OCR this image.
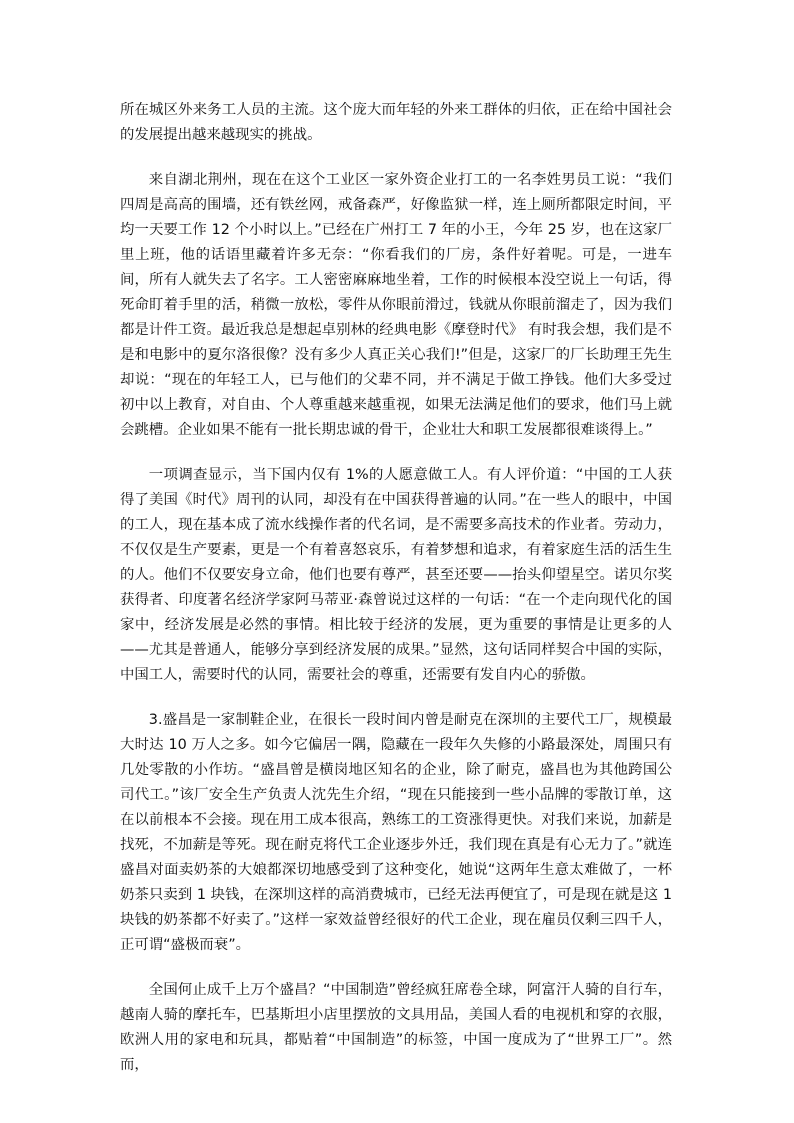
所在城区外来务工人员的主流。这个庞大而年轻的外来工群体的归依，正在给中国社会的发展提出越来越现实的挑战。

来自湖北荆州，现在在这个工业区一家外资企业打工的一名李姓男员工说：“我们四周是高高的围墙，还有铁丝网，戒备森严，好像监狱一样，连上厕所都限定时间，平均一天要工作 12 个小时以上。”已经在广州打工 7 年的小王，今年 25 岁，也在这家厂里上班，他的话语里藏着许多无奈：“你看我们的厂房，条件好着呢。可是，一进车间，所有人就失去了名字。工人密密麻麻地坐着，工作的时候根本没空说上一句话，得死命盯着手里的活，稍微一放松，零件从你眼前滑过，钱就从你眼前溜走了，因为我们都是计件工资。最近我总是想起卓别林的经典电影《摩登时代》 有时我会想，我们是不是和电影中的夏尔洛很像？没有多少人真正关心我们!”但是，这家厂的厂长助理王先生却说：“现在的年轻工人，已与他们的父辈不同，并不满足于做工挣钱。他们大多受过初中以上教育，对自由、个人尊重越来越重视，如果无法满足他们的要求，他们马上就会跳槽。企业如果不能有一批长期忠诚的骨干，企业壮大和职工发展都很难谈得上。”

一项调查显示，当下国内仅有 1%的人愿意做工人。有人评价道：“中国的工人获得了美国《时代》周刊的认同，却没有在中国获得普遍的认同。”在一些人的眼中，中国的工人，现在基本成了流水线操作者的代名词，是不需要多高技术的作业者。劳动力，不仅仅是生产要素，更是一个有着喜怒哀乐，有着梦想和追求，有着家庭生活的活生生的人。他们不仅要安身立命，他们也要有尊严，甚至还要——抬头仰望星空。诺贝尔奖获得者、印度著名经济学家阿马蒂亚·森曾说过这样的一句话：“在一个走向现代化的国家中，经济发展是必然的事情。相比较于经济的发展，更为重要的事情是让更多的人——尤其是普通人，能够分享到经济发展的成果。”显然，这句话同样契合中国的实际，中国工人，需要时代的认同，需要社会的尊重，还需要有发自内心的骄傲。

3.盛昌是一家制鞋企业，在很长一段时间内曾是耐克在深圳的主要代工厂，规模最大时达 10 万人之多。如今它偏居一隅，隐藏在一段年久失修的小路最深处，周围只有几处零散的小作坊。“盛昌曾是横岗地区知名的企业，除了耐克，盛昌也为其他跨国公司代工。”该厂安全生产负责人沈先生介绍，“现在只能接到一些小品牌的零散订单，这在以前根本不会接。现在用工成本很高，熟练工的工资涨得更快。对我们来说，加薪是找死，不加薪是等死。现在耐克将代工企业逐步外迁，我们现在真是有心无力了。”就连盛昌对面卖奶茶的大娘都深切地感受到了这种变化，她说“这两年生意太难做了，一杯奶茶只卖到 1 块钱，在深圳这样的高消费城市，已经无法再便宜了，可是现在就是这 1 块钱的奶茶都不好卖了。”这样一家效益曾经很好的代工企业，现在雇员仅剩三四千人，正可谓“盛极而衰”。

全国何止成千上万个盛昌？“中国制造”曾经疯狂席卷全球，阿富汗人骑的自行车，越南人骑的摩托车，巴基斯坦小店里摆放的文具用品，美国人看的电视机和穿的衣服，欧洲人用的家电和玩具，都贴着“中国制造”的标签，中国一度成为了“世界工厂”。然而，
